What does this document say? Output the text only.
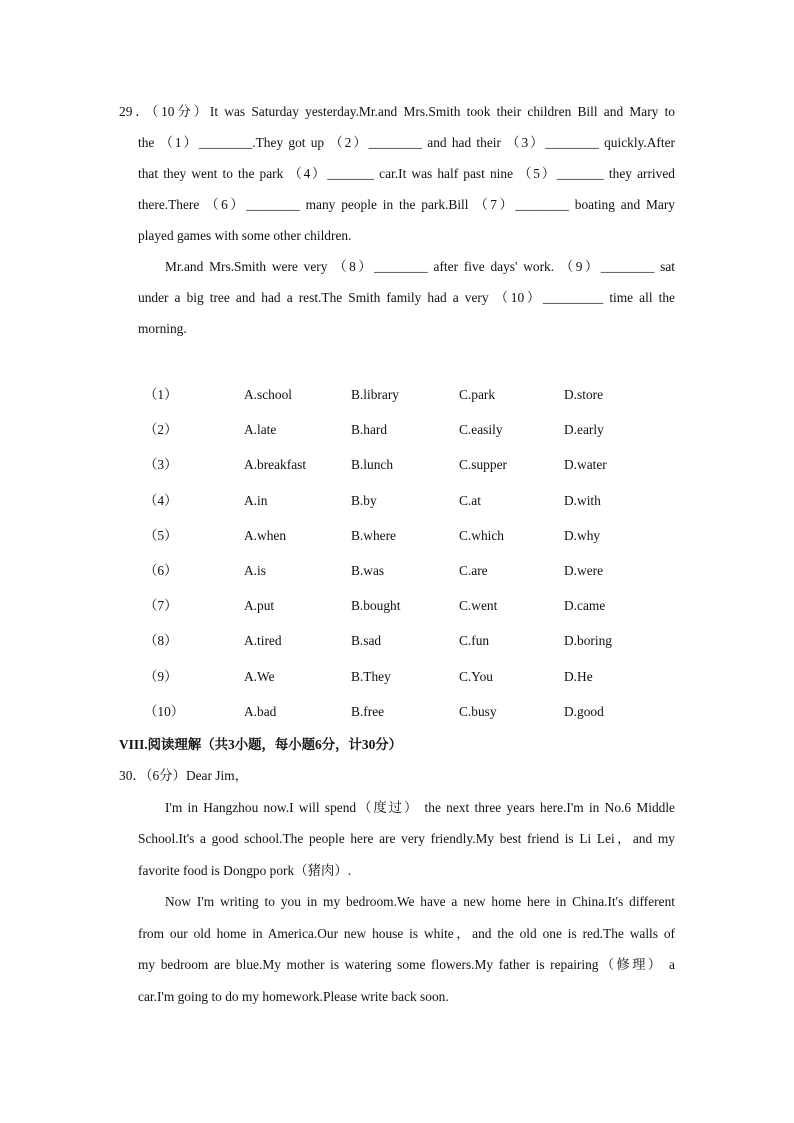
29．（10分）It was Saturday yesterday.Mr.and Mrs.Smith took their children Bill and Mary to
the （1）________.They got up （2）________ and had their （3）________ quickly.After
that they went to the park （4）_______ car.It was half past nine （5）_______ they arrived
there.There （6）________ many people in the park.Bill （7）________ boating and Mary
played games with some other children.
Mr.and Mrs.Smith were very （8）________ after five days' work. （9）________ sat
under a big tree and had a rest.The Smith family had a very （10）_________ time all the
morning.
（1）	A.school	B.library	C.park	D.store
（2）	A.late	B.hard	C.easily	D.early
（3）	A.breakfast	B.lunch	C.supper	D.water
（4）	A.in	B.by	C.at	D.with
（5）	A.when	B.where	C.which	D.why
（6）	A.is	B.was	C.are	D.were
（7）	A.put	B.bought	C.went	D.came
（8）	A.tired	B.sad	C.fun	D.boring
（9）	A.We	B.They	C.You	D.He
（10）	A.bad	B.free	C.busy	D.good
VIII.阅读理解（共3小题，每小题6分，计30分）
30．（6分）Dear Jim，
I'm in Hangzhou now.I will spend（度过） the next three years here.I'm in No.6 Middle
School.It's a good school.The people here are very friendly.My best friend is Li Lei，and my
favorite food is Dongpo pork（猪肉）.
Now I'm writing to you in my bedroom.We have a new home here in China.It's different
from our old home in America.Our new house is white，and the old one is red.The walls of
my bedroom are blue.My mother is watering some flowers.My father is repairing（修理） a
car.I'm going to do my homework.Please write back soon.
